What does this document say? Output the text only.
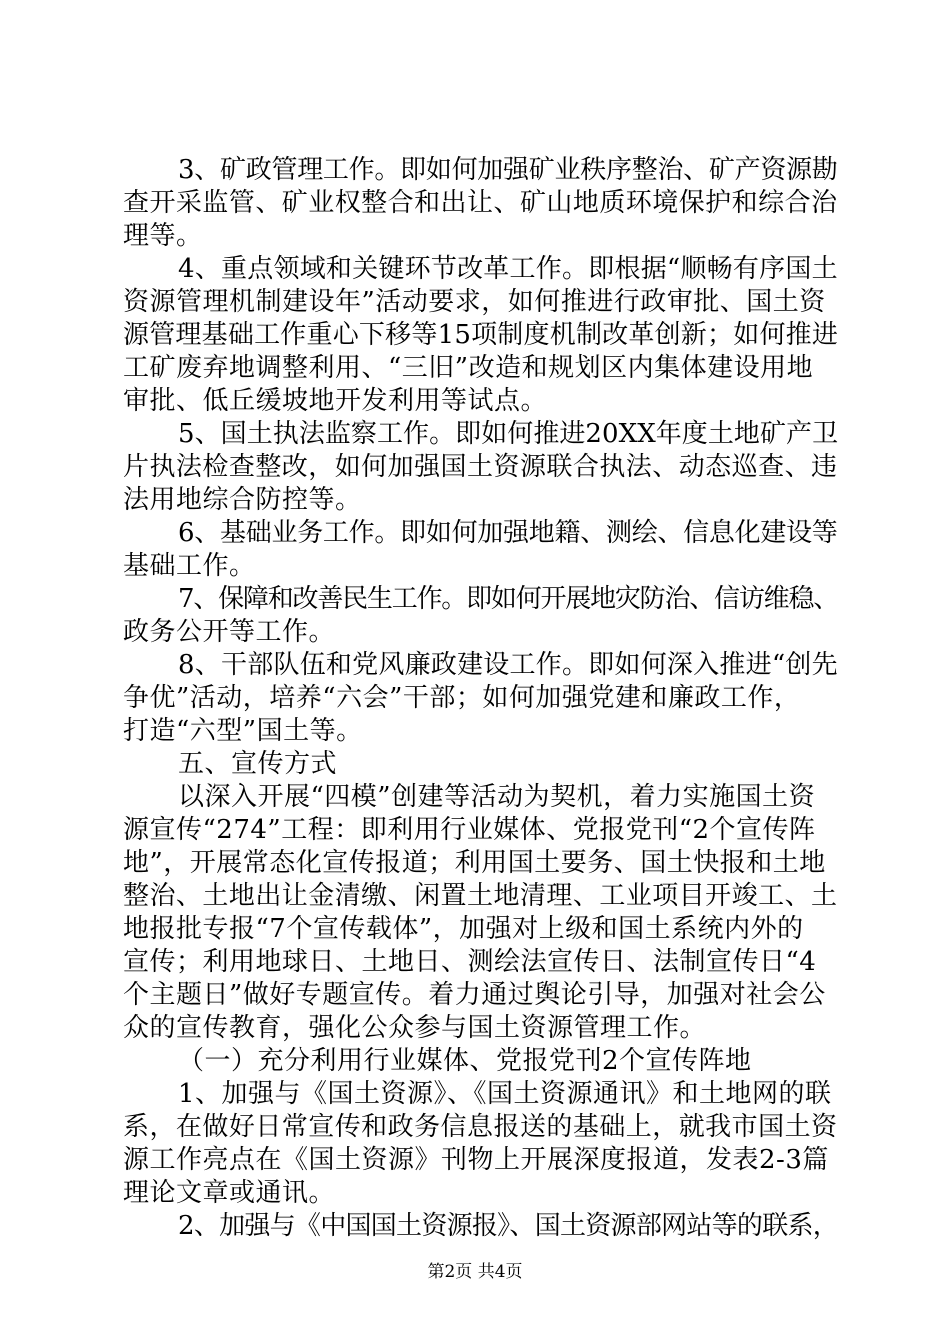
3、矿政管理工作。即如何加强矿业秩序整治、矿产资源勘
查开采监管、矿业权整合和出让、矿山地质环境保护和综合治
理等。
4、重点领域和关键环节改革工作。即根据“顺畅有序国土
资源管理机制建设年”活动要求，如何推进行政审批、国土资
源管理基础工作重心下移等15项制度机制改革创新；如何推进
工矿废弃地调整利用、“三旧”改造和规划区内集体建设用地
审批、低丘缓坡地开发利用等试点。
5、国土执法监察工作。即如何推进20XX年度土地矿产卫
片执法检查整改，如何加强国土资源联合执法、动态巡查、违
法用地综合防控等。
6、基础业务工作。即如何加强地籍、测绘、信息化建设等
基础工作。
7、保障和改善民生工作。即如何开展地灾防治、信访维稳、
政务公开等工作。
8、干部队伍和党风廉政建设工作。即如何深入推进“创先
争优”活动，培养“六会”干部；如何加强党建和廉政工作，
打造“六型”国土等。
五、宣传方式
以深入开展“四模”创建等活动为契机，着力实施国土资
源宣传“274”工程：即利用行业媒体、党报党刊“2个宣传阵
地”，开展常态化宣传报道；利用国土要务、国土快报和土地
整治、土地出让金清缴、闲置土地清理、工业项目开竣工、土
地报批专报“7个宣传载体”，加强对上级和国土系统内外的
宣传；利用地球日、土地日、测绘法宣传日、法制宣传日“4
个主题日”做好专题宣传。着力通过舆论引导，加强对社会公
众的宣传教育，强化公众参与国土资源管理工作。
（一）充分利用行业媒体、党报党刊2个宣传阵地
1、加强与《国土资源》、《国土资源通讯》和土地网的联
系，在做好日常宣传和政务信息报送的基础上，就我市国土资
源工作亮点在《国土资源》刊物上开展深度报道，发表2-3篇
理论文章或通讯。
2、加强与《中国国土资源报》、国土资源部网站等的联系，
第2页 共4页
